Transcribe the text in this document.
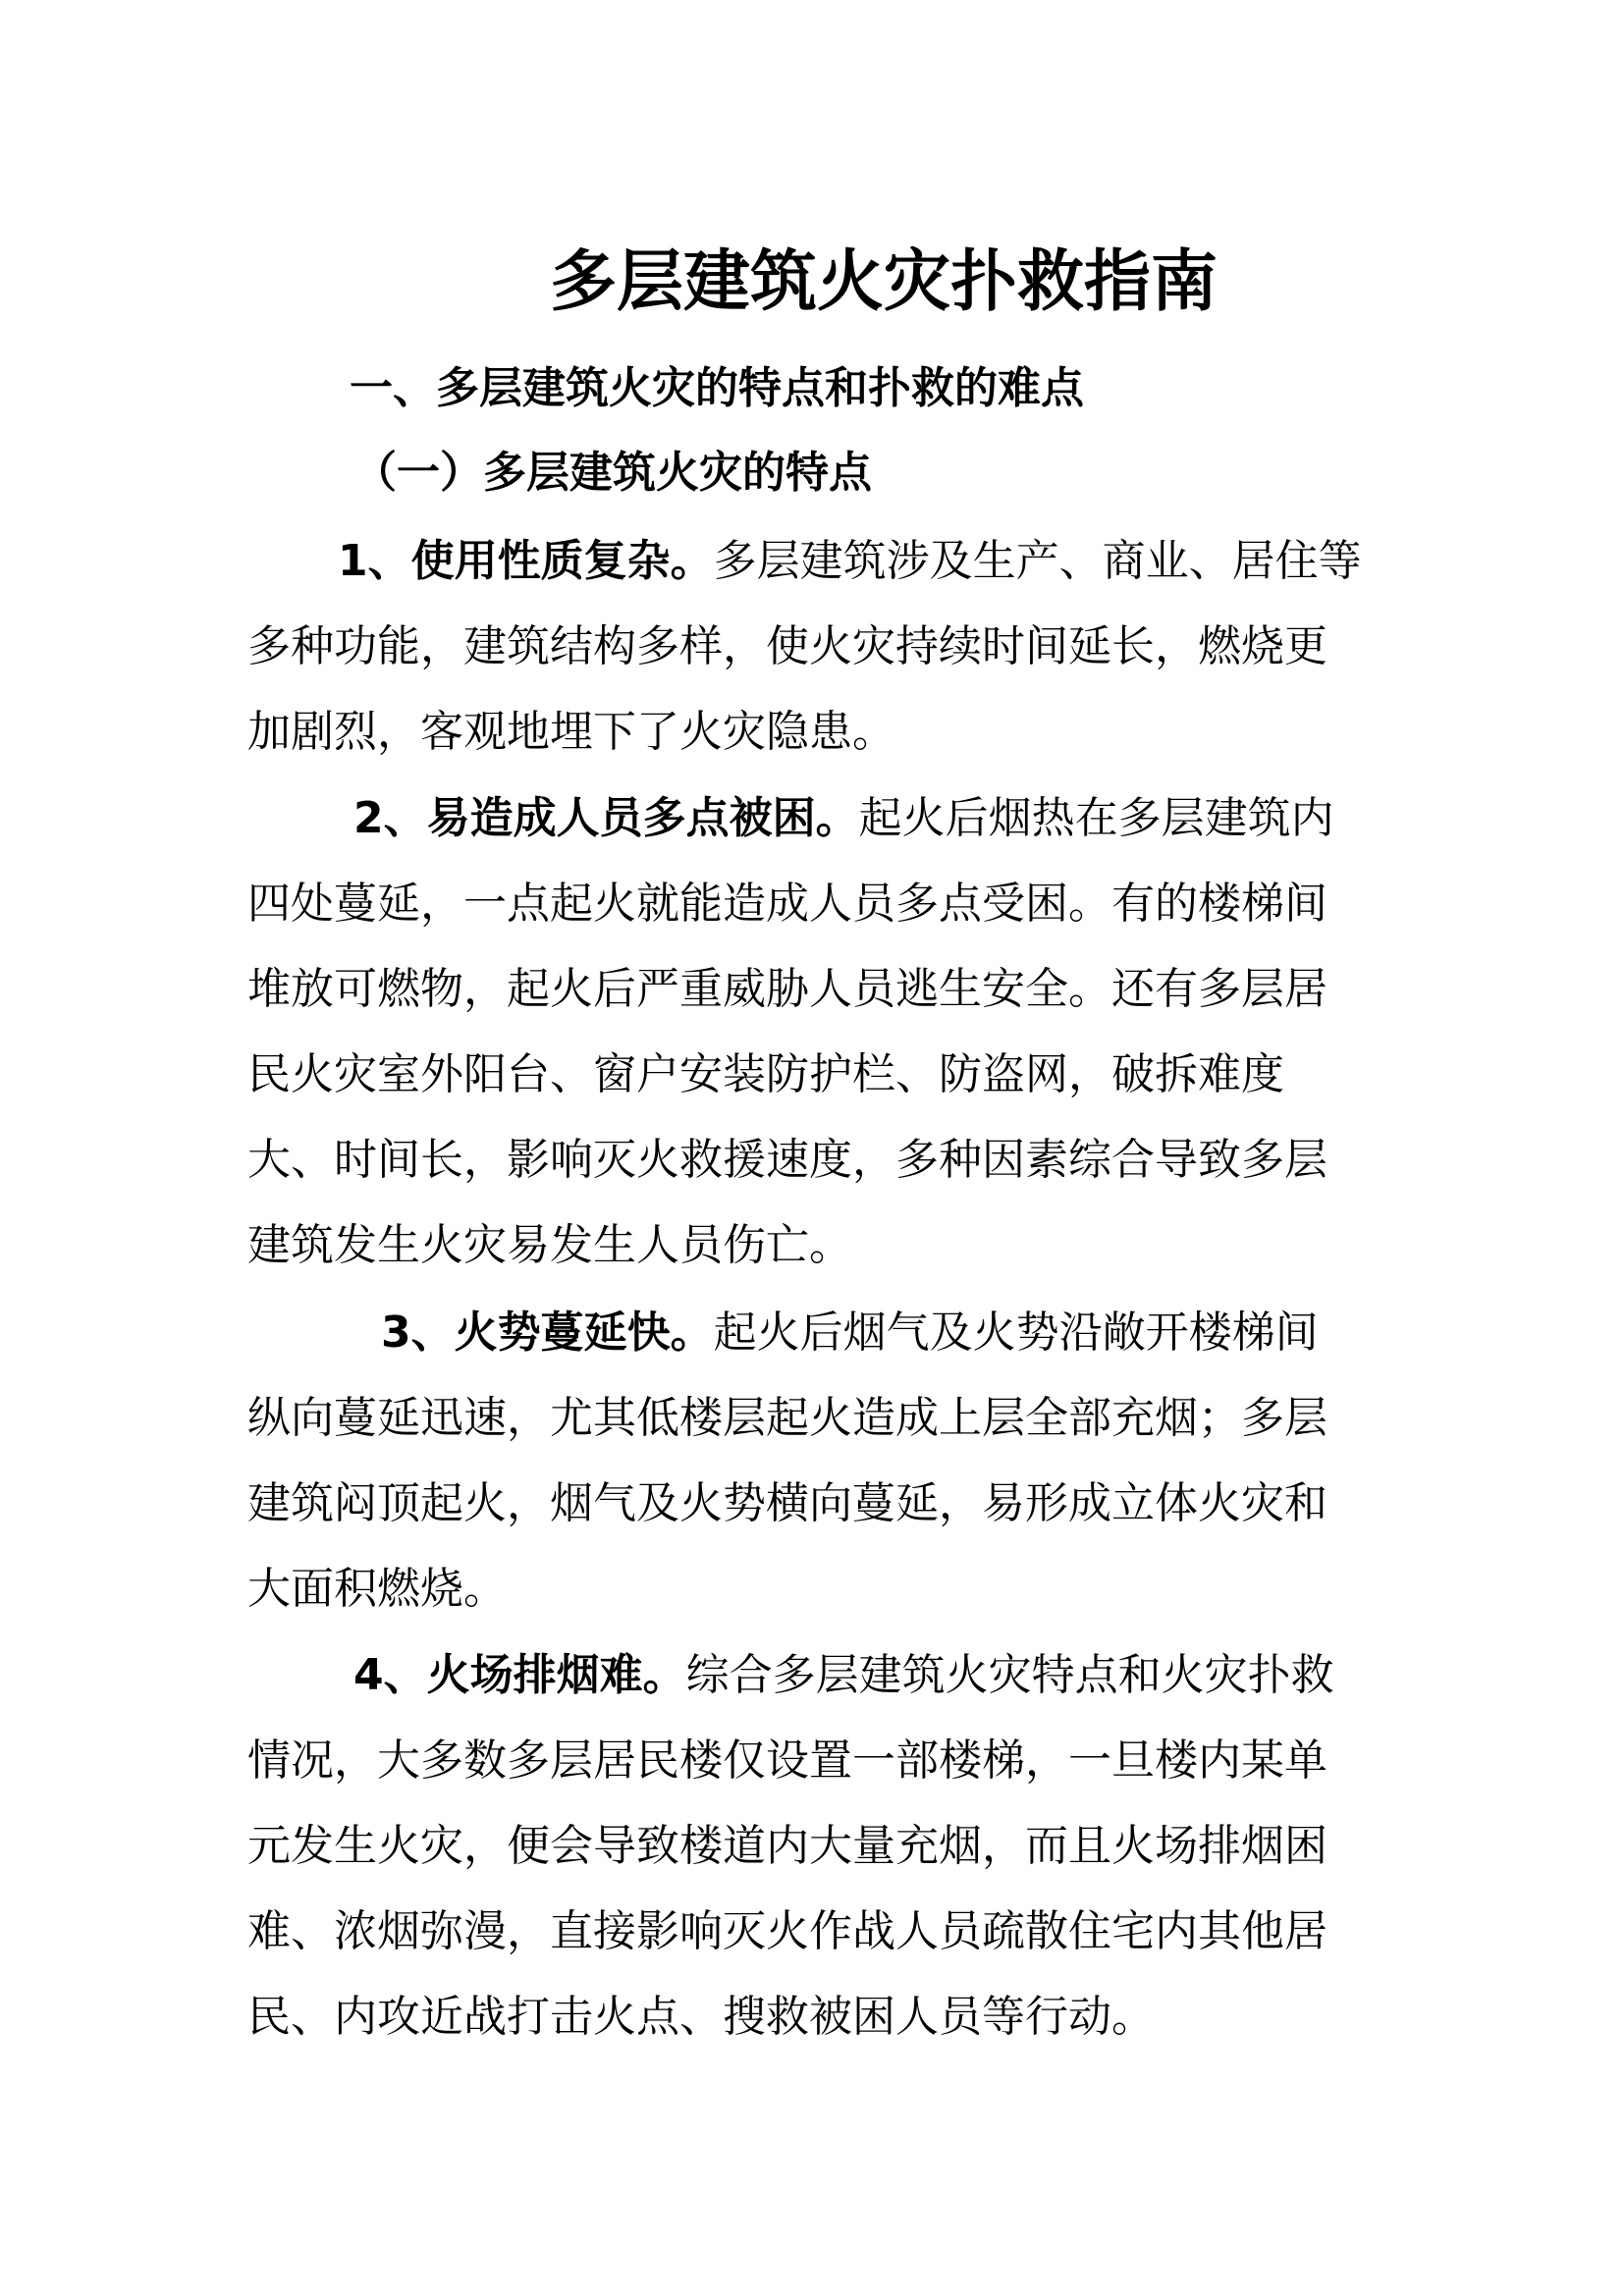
多层建筑火灾扑救指南
一、多层建筑火灾的特点和扑救的难点
（一）多层建筑火灾的特点
1、使用性质复杂。多层建筑涉及生产、商业、居住等
多种功能，建筑结构多样，使火灾持续时间延长，燃烧更
加剧烈，客观地埋下了火灾隐患。
2、易造成人员多点被困。起火后烟热在多层建筑内
四处蔓延，一点起火就能造成人员多点受困。有的楼梯间
堆放可燃物，起火后严重威胁人员逃生安全。还有多层居
民火灾室外阳台、窗户安装防护栏、防盗网，破拆难度
大、时间长，影响灭火救援速度，多种因素综合导致多层
建筑发生火灾易发生人员伤亡。
3、火势蔓延快。起火后烟气及火势沿敞开楼梯间
纵向蔓延迅速，尤其低楼层起火造成上层全部充烟；多层
建筑闷顶起火，烟气及火势横向蔓延，易形成立体火灾和
大面积燃烧。
4、火场排烟难。综合多层建筑火灾特点和火灾扑救
情况，大多数多层居民楼仅设置一部楼梯，一旦楼内某单
元发生火灾，便会导致楼道内大量充烟，而且火场排烟困
难、浓烟弥漫，直接影响灭火作战人员疏散住宅内其他居
民、内攻近战打击火点、搜救被困人员等行动。
